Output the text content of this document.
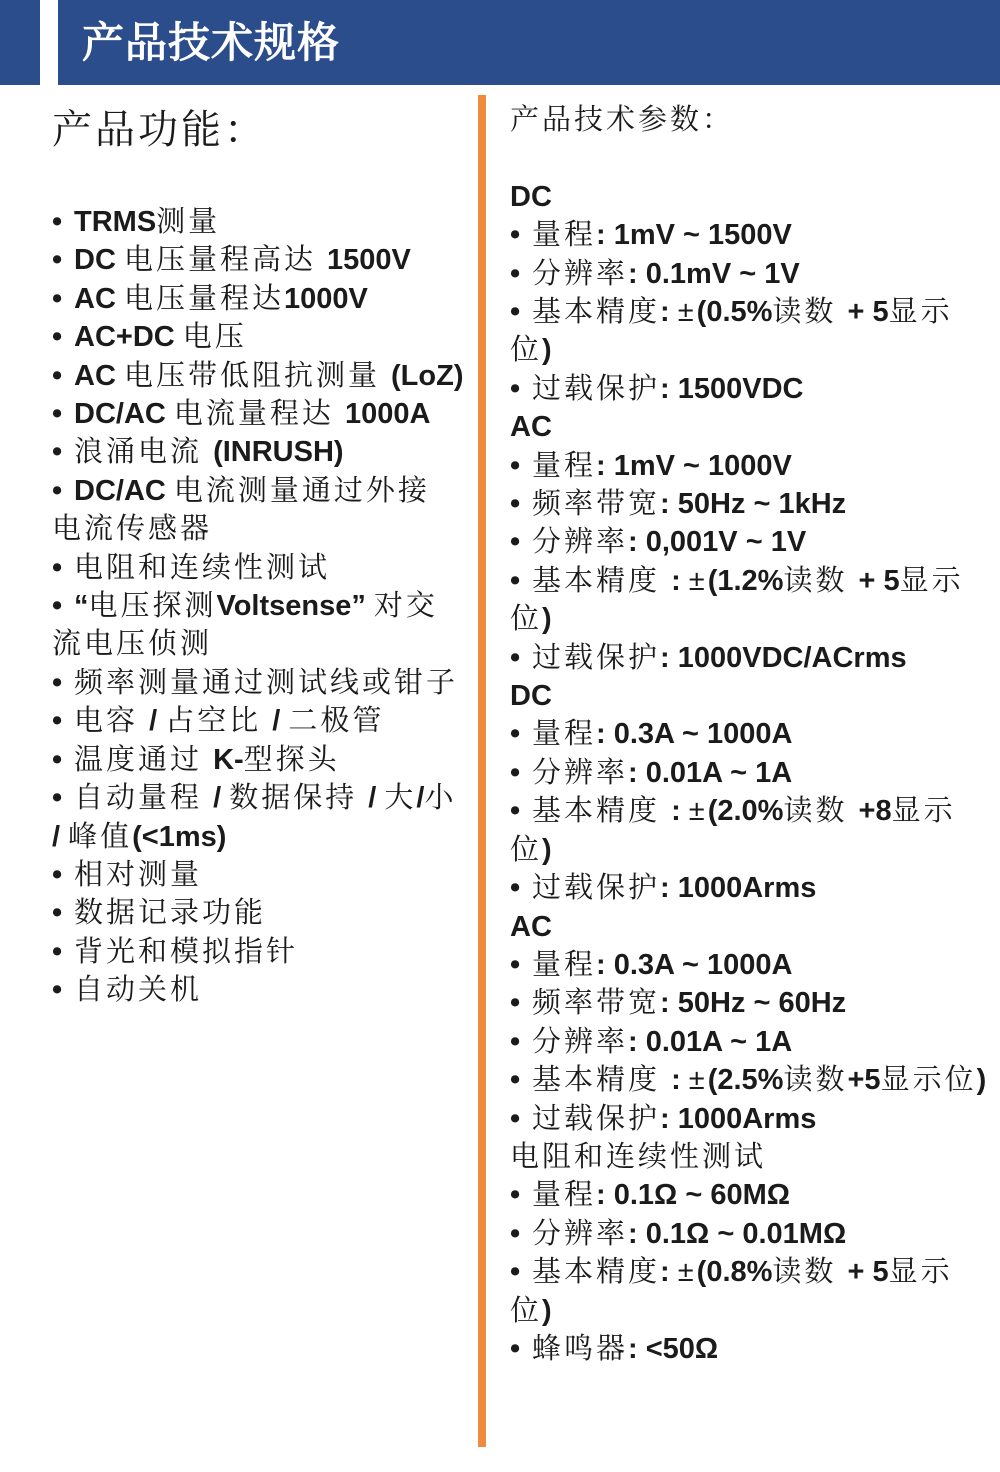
产品技术规格
产品功能：
• TRMS测量
• DC 电压量程高达 1500V
• AC 电压量程达1000V
• AC+DC 电压
• AC 电压带低阻抗测量 (LoZ)
• DC/AC 电流量程达 1000A
• 浪涌电流 (INRUSH)
• DC/AC 电流测量通过外接
电流传感器
• 电阻和连续性测试
• “电压探测Voltsense” 对交
流电压侦测
• 频率测量通过测试线或钳子
• 电容 / 占空比 / 二极管
• 温度通过 K-型探头
• 自动量程 / 数据保持 / 大/小
/ 峰值(<1ms)
• 相对测量
• 数据记录功能
• 背光和模拟指针
• 自动关机
产品技术参数：
DC
• 量程: 1mV ~ 1500V
• 分辨率: 0.1mV ~ 1V
• 基本精度: ±(0.5%读数 + 5显示
位)
• 过载保护: 1500VDC
AC
• 量程: 1mV ~ 1000V
• 频率带宽: 50Hz ~ 1kHz
• 分辨率: 0,001V ~ 1V
• 基本精度 : ±(1.2%读数 + 5显示
位)
• 过载保护: 1000VDC/ACrms
DC
• 量程: 0.3A ~ 1000A
• 分辨率: 0.01A ~ 1A
• 基本精度 : ±(2.0%读数 +8显示
位)
• 过载保护: 1000Arms
AC
• 量程: 0.3A ~ 1000A
• 频率带宽: 50Hz ~ 60Hz
• 分辨率: 0.01A ~ 1A
• 基本精度 : ±(2.5%读数+5显示位)
• 过载保护: 1000Arms
电阻和连续性测试
• 量程: 0.1Ω ~ 60MΩ
• 分辨率: 0.1Ω ~ 0.01MΩ
• 基本精度: ±(0.8%读数 + 5显示
位)
• 蜂鸣器: <50Ω
